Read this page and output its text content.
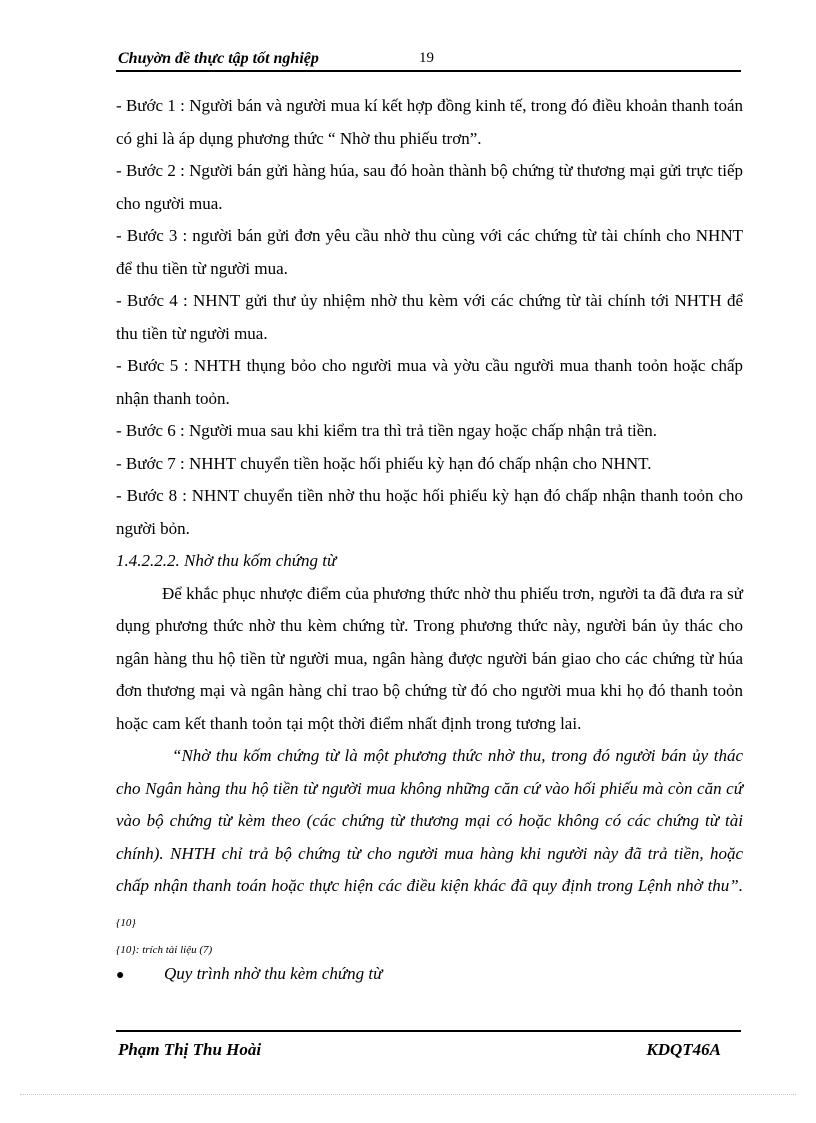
Chuyờn đề thực tập tốt nghiệp	19

- Bước 1 : Người bán và người mua kí kết hợp đồng kinh tế, trong đó điều khoản thanh toán có ghi là áp dụng phương thức “ Nhờ thu phiếu trơn”.

- Bước 2 : Người bán gửi hàng húa, sau đó hoàn thành bộ chứng từ thương mại gửi trực tiếp cho người mua.

- Bước 3 : người bán gửi đơn yêu cầu nhờ thu cùng với các chứng từ tài chính cho NHNT để thu tiền từ người mua.

- Bước 4 : NHNT gửi thư ủy nhiệm nhờ thu kèm với các chứng từ tài chính tới NHTH để thu tiền từ người mua.

- Bước 5 : NHTH thụng bỏo cho người mua và yờu cầu người mua thanh toỏn hoặc chấp nhận thanh toỏn.

- Bước 6 : Người mua sau khi kiểm tra thì trả tiền ngay hoặc chấp nhận trả tiền.

- Bước 7 : NHHT chuyển tiền hoặc hối phiếu kỳ hạn đó chấp nhận cho NHNT.

- Bước 8 : NHNT chuyển tiền nhờ thu hoặc hối phiếu kỳ hạn đó chấp nhận thanh toỏn cho người bỏn.

1.4.2.2.2. Nhờ thu kốm chứng từ

Để khắc phục nhược điểm của phương thức nhờ thu phiếu trơn, người ta đã đưa ra sử dụng phương thức nhờ thu kèm chứng từ. Trong phương thức này, người bán ủy thác cho ngân hàng thu hộ tiền từ người mua, ngân hàng được người bán giao cho các chứng từ húa đơn thương mại và ngân hàng chỉ trao bộ chứng từ đó cho người mua khi họ đó thanh toỏn hoặc cam kết thanh toỏn tại một thời điểm nhất định trong tương lai.

“Nhờ thu kốm chứng từ là một phương thức nhờ thu, trong đó người bán ủy thác cho Ngân hàng thu hộ tiền từ người mua không những căn cứ vào hối phiếu mà còn căn cứ vào bộ chứng từ kèm theo (các chứng từ thương mại có hoặc không có các chứng từ tài chính). NHTH chỉ trả bộ chứng từ cho người mua hàng khi người này đã trả tiền, hoặc chấp nhận thanh toán hoặc thực hiện các điều kiện khác đã quy định trong Lệnh nhờ thu”. {10}

{10}: trích tài liệu (7)

●	Quy trình nhờ thu kèm chứng từ
Phạm Thị Thu Hoài	KDQT46A
